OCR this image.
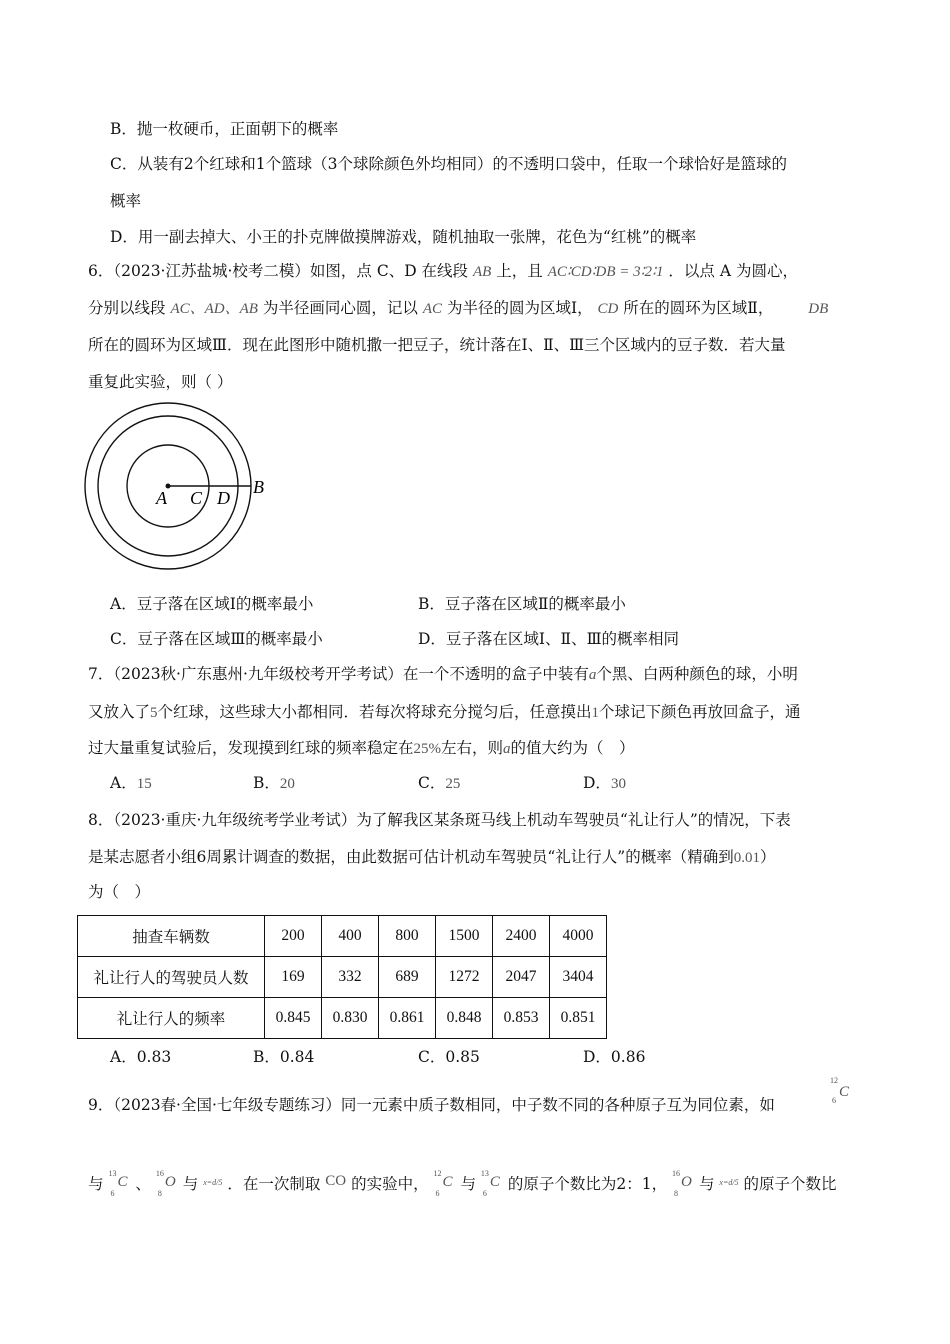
B．抛一枚硬币，正面朝下的概率
C．从装有2个红球和1个篮球（3个球除颜色外均相同）的不透明口袋中，任取一个球恰好是篮球的
概率
D．用一副去掉大、小王的扑克牌做摸牌游戏，随机抽取一张牌，花色为“红桃”的概率
6．（2023·江苏盐城·校考二模）如图，点 C、D 在线段 AB 上，且 AC∶CD∶DB = 3∶2∶1 ．以点 A 为圆心，
分别以线段 AC、AD、AB 为半径画同心圆，记以 AC 为半径的圆为区域Ⅰ， CD 所在的圆环为区域Ⅱ， DB
所在的圆环为区域Ⅲ．现在此图形中随机撒一把豆子，统计落在Ⅰ、Ⅱ、Ⅲ三个区域内的豆子数．若大量
重复此实验，则（ ）
A C D
B
A．豆子落在区域Ⅰ的概率最小	B．豆子落在区域Ⅱ的概率最小
C．豆子落在区域Ⅲ的概率最小	D．豆子落在区域Ⅰ、Ⅱ、Ⅲ的概率相同
7．（2023秋·广东惠州·九年级校考开学考试）在一个不透明的盒子中装有a个黑、白两种颜色的球，小明
又放入了5个红球，这些球大小都相同．若每次将球充分搅匀后，任意摸出1个球记下颜色再放回盒子，通
过大量重复试验后，发现摸到红球的频率稳定在25%左右，则a的值大约为（　）
A．15	B．20	C．25	D．30
8．（2023·重庆·九年级统考学业考试）为了解我区某条斑马线上机动车驾驶员“礼让行人”的情况，下表
是某志愿者小组6周累计调查的数据，由此数据可估计机动车驾驶员“礼让行人”的概率（精确到0.01）
为（　）
抽查车辆数	200	400	800	1500	2400	4000
礼让行人的驾驶员人数	169	332	689	1272	2047	3404
礼让行人的频率	0.845	0.830	0.861	0.848	0.853	0.851
A．0.83	B．0.84	C．0.85	D．0.86
9．（2023春·全国·七年级专题练习）同一元素中质子数相同，中子数不同的各种原子互为同位素，如
12
6
C
与
13
6
C 、
16
8
O 与 x=d/5 ．在一次制取 CO 的实验中，
12
6
C 与
13
6
C 的原子个数比为2：1，
16
8
O 与 x=d/5 的原子个数比
